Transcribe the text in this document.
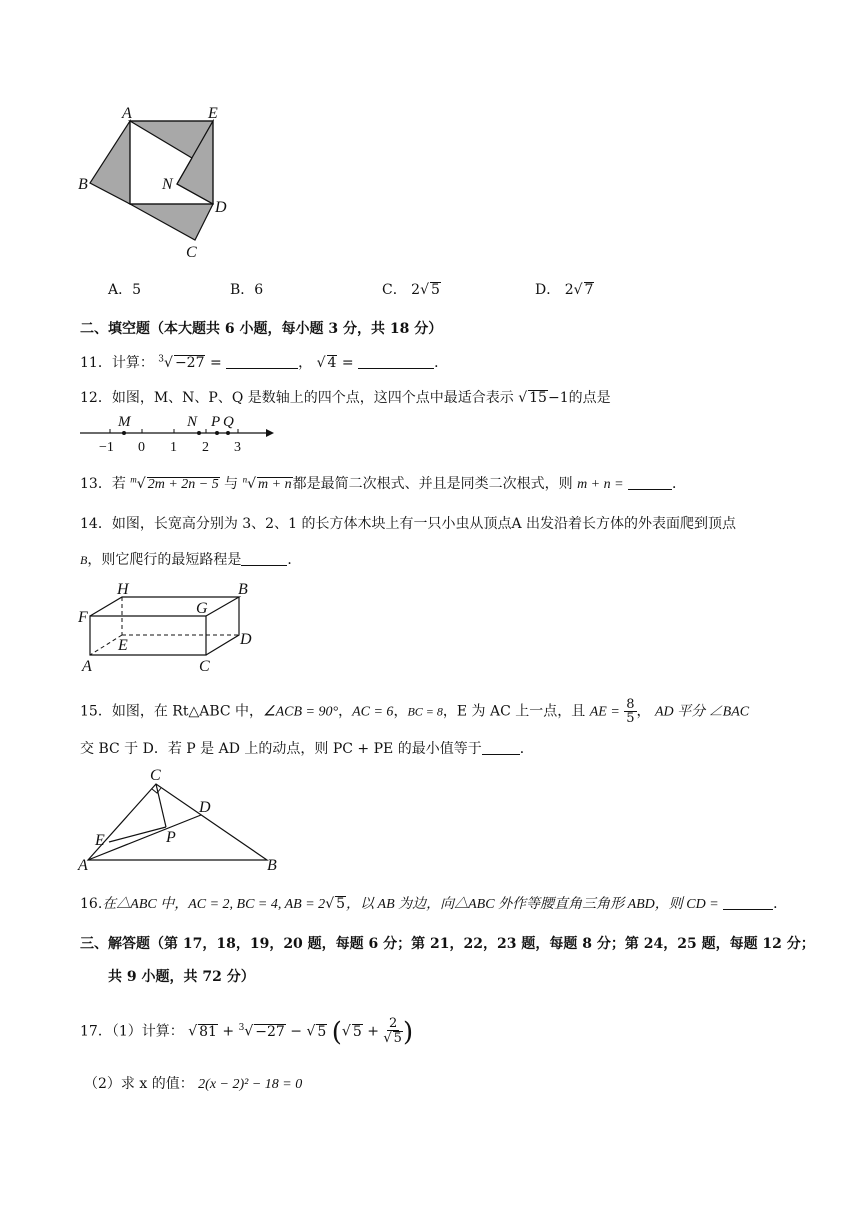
A	E
B	N
D
C
A．5	B．6	C． 2√ 5	D． 2√ 7
二、填空题（本大题共 6 小题，每小题 3 分，共 18 分）
11．计算： $^3$√ −27 =	， √ 4 =	．
12．如图，M、N、P、Q 是数轴上的四个点，这四个点中最适合表示 √ 15−1的点是
M	N P Q
−1 0 1 2 3
13．若 $^m$√ 2m + 2n − 5 与 $^n$√ m + n都是最简二次根式、并且是同类二次根式，则 m + n =	．
14．如图，长宽高分别为 3、2、1 的长方体木块上有一只小虫从顶点A 出发沿着长方体的外表面爬到顶点
B，则它爬行的最短路程是	．
H	B
F
G
D
E
A	C
15．如图，在 Rt△ABC 中，∠ACB = 90°，AC = 6，BC = 8，E 为 AC 上一点，且 AE = $\frac{8}{5}$ ， AD 平分 ∠BAC
交 BC 于 D．若 P 是 AD 上的动点，则 PC + PE 的最小值等于	．
C
D
E	P
A	B
16.在△ABC 中，AC = 2, BC = 4, AB = 2√ 5，以 AB 为边，向△ABC 外作等腰直角三角形 ABD，则 CD =	．
三、解答题（第 17，18，19，20 题，每题 6 分；第 21，22，23 题，每题 8 分；第 24，25 题，每题 12 分；
共 9 小题，共 72 分）
17．（1）计算： √ 81 + $^3$√ −27 − √ 5 (√ $5 + \frac{2}{√ 5}$ )
（2）求 x 的值： 2(x − 2)² − 18 = 0
